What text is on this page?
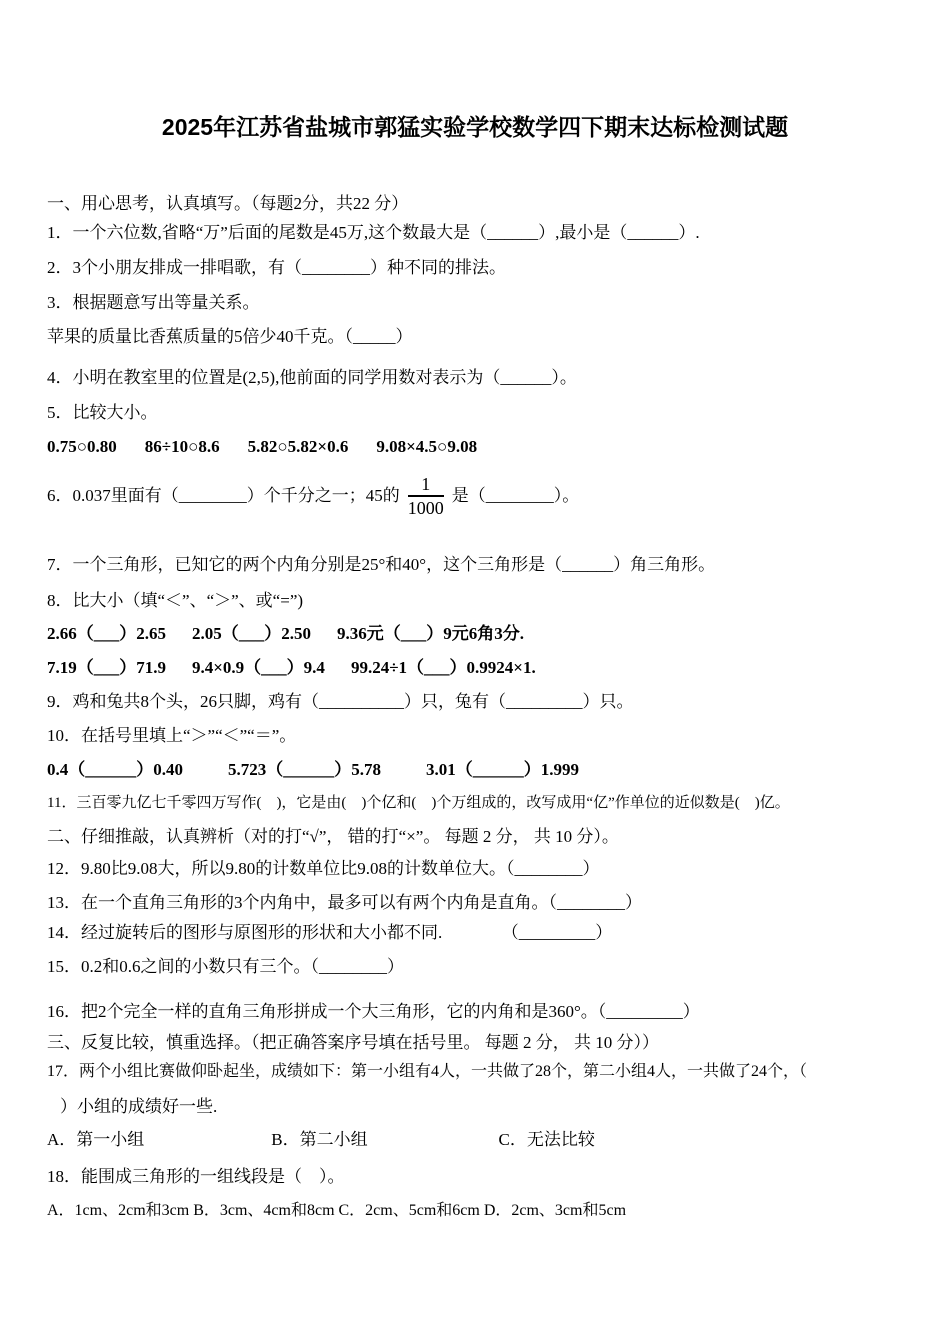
2025年江苏省盐城市郭猛实验学校数学四下期末达标检测试题
一、用心思考，认真填写。（每题2分，共22 分）
1．一个六位数,省略“万”后面的尾数是45万,这个数最大是（______）,最小是（______）.
2．3个小朋友排成一排唱歌，有（________）种不同的排法。
3．根据题意写出等量关系。
苹果的质量比香蕉质量的5倍少40千克。（_____）
4．小明在教室里的位置是(2,5),他前面的同学用数对表示为（______）。
5．比较大小。
0.75○0.80 86÷10○8.6 5.82○5.82×0.6 9.08×4.5○9.08
6．0.037里面有（________）个千分之一；45的 $\frac{1}{1000}$ 是（________）。
7．一个三角形，已知它的两个内角分别是25°和40°，这个三角形是（______）角三角形。
8．比大小（填“＜”、“＞”、或“=”)
2.66（___）2.65 2.05（___）2.50 9.36元（___）9元6角3分.
7.19（___）71.9 9.4×0.9（___）9.4 99.24÷1（___）0.9924×1.
9．鸡和兔共8个头，26只脚，鸡有（__________）只，兔有（_________）只。
10．在括号里填上“＞”“＜”“＝”。
0.4（______）0.40	5.723（______）5.78	3.01（______）1.999
11．三百零九亿七千零四万写作(　)，它是由(　)个亿和(　)个万组成的，改写成用“亿”作单位的近似数是(　)亿。
二、仔细推敲，认真辨析（对的打“√”， 错的打“×”。 每题 2 分， 共 10 分）。
12．9.80比9.08大，所以9.80的计数单位比9.08的计数单位大。（________）
13．在一个直角三角形的3个内角中，最多可以有两个内角是直角。（________）
14．经过旋转后的图形与原图形的形状和大小都不同.　　　　（_________）
15．0.2和0.6之间的小数只有三个。（________）
16．把2个完全一样的直角三角形拼成一个大三角形，它的内角和是360°。（_________）
三、反复比较，慎重选择。（把正确答案序号填在括号里。 每题 2 分， 共 10 分））
17．两个小组比赛做仰卧起坐，成绩如下：第一小组有4人，一共做了28个，第二小组4人，一共做了24个，（
）小组的成绩好一些.
A．第一小组	B．第二小组	C．无法比较
18．能围成三角形的一组线段是（　）。
A．1cm、2cm和3cm B．3cm、4cm和8cm C．2cm、5cm和6cm D．2cm、3cm和5cm
